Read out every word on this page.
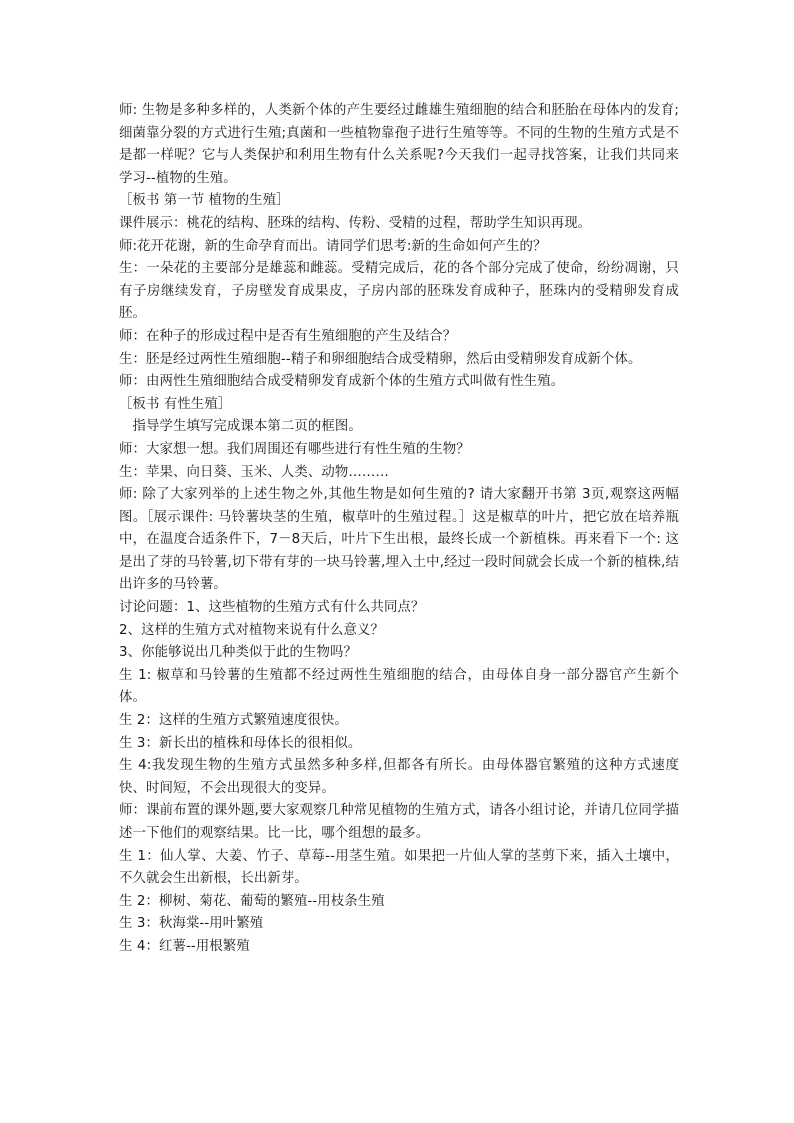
师: 生物是多种多样的，人类新个体的产生要经过雌雄生殖细胞的结合和胚胎在母体内的发育;细菌靠分裂的方式进行生殖;真菌和一些植物靠孢子进行生殖等等。不同的生物的生殖方式是不是都一样呢？它与人类保护和利用生物有什么关系呢?今天我们一起寻找答案，让我们共同来学习--植物的生殖。

［板书 第一节 植物的生殖］

课件展示：桃花的结构、胚珠的结构、传粉、受精的过程，帮助学生知识再现。

师:花开花谢，新的生命孕育而出。请同学们思考:新的生命如何产生的？

生：一朵花的主要部分是雄蕊和雌蕊。受精完成后，花的各个部分完成了使命，纷纷凋谢，只有子房继续发育，子房壁发育成果皮，子房内部的胚珠发育成种子，胚珠内的受精卵发育成胚。

师：在种子的形成过程中是否有生殖细胞的产生及结合？

生：胚是经过两性生殖细胞--精子和卵细胞结合成受精卵，然后由受精卵发育成新个体。

师：由两性生殖细胞结合成受精卵发育成新个体的生殖方式叫做有性生殖。

［板书 有性生殖］

　指导学生填写完成课本第二页的框图。

师：大家想一想。我们周围还有哪些进行有性生殖的生物？

生：苹果、向日葵、玉米、人类、动物………

师: 除了大家列举的上述生物之外,其他生物是如何生殖的? 请大家翻开书第 3页,观察这两幅图。［展示课件: 马铃薯块茎的生殖，椒草叶的生殖过程。］这是椒草的叶片，把它放在培养瓶中，在温度合适条件下，7－8天后，叶片下生出根，最终长成一个新植株。再来看下一个: 这是出了芽的马铃薯,切下带有芽的一块马铃薯,埋入土中,经过一段时间就会长成一个新的植株,结出许多的马铃薯。

讨论问题：1、这些植物的生殖方式有什么共同点？

2、这样的生殖方式对植物来说有什么意义？

3、你能够说出几种类似于此的生物吗？

生 1: 椒草和马铃薯的生殖都不经过两性生殖细胞的结合，由母体自身一部分器官产生新个体。

生 2：这样的生殖方式繁殖速度很快。

生 3：新长出的植株和母体长的很相似。

生 4:我发现生物的生殖方式虽然多种多样,但都各有所长。由母体器官繁殖的这种方式速度快、时间短，不会出现很大的变异。

师：课前布置的课外题,要大家观察几种常见植物的生殖方式，请各小组讨论，并请几位同学描述一下他们的观察结果。比一比，哪个组想的最多。

生 1：仙人掌、大姜、竹子、草莓--用茎生殖。如果把一片仙人掌的茎剪下来，插入土壤中，不久就会生出新根，长出新芽。

生 2：柳树、菊花、葡萄的繁殖--用枝条生殖

生 3：秋海棠--用叶繁殖

生 4：红薯--用根繁殖
